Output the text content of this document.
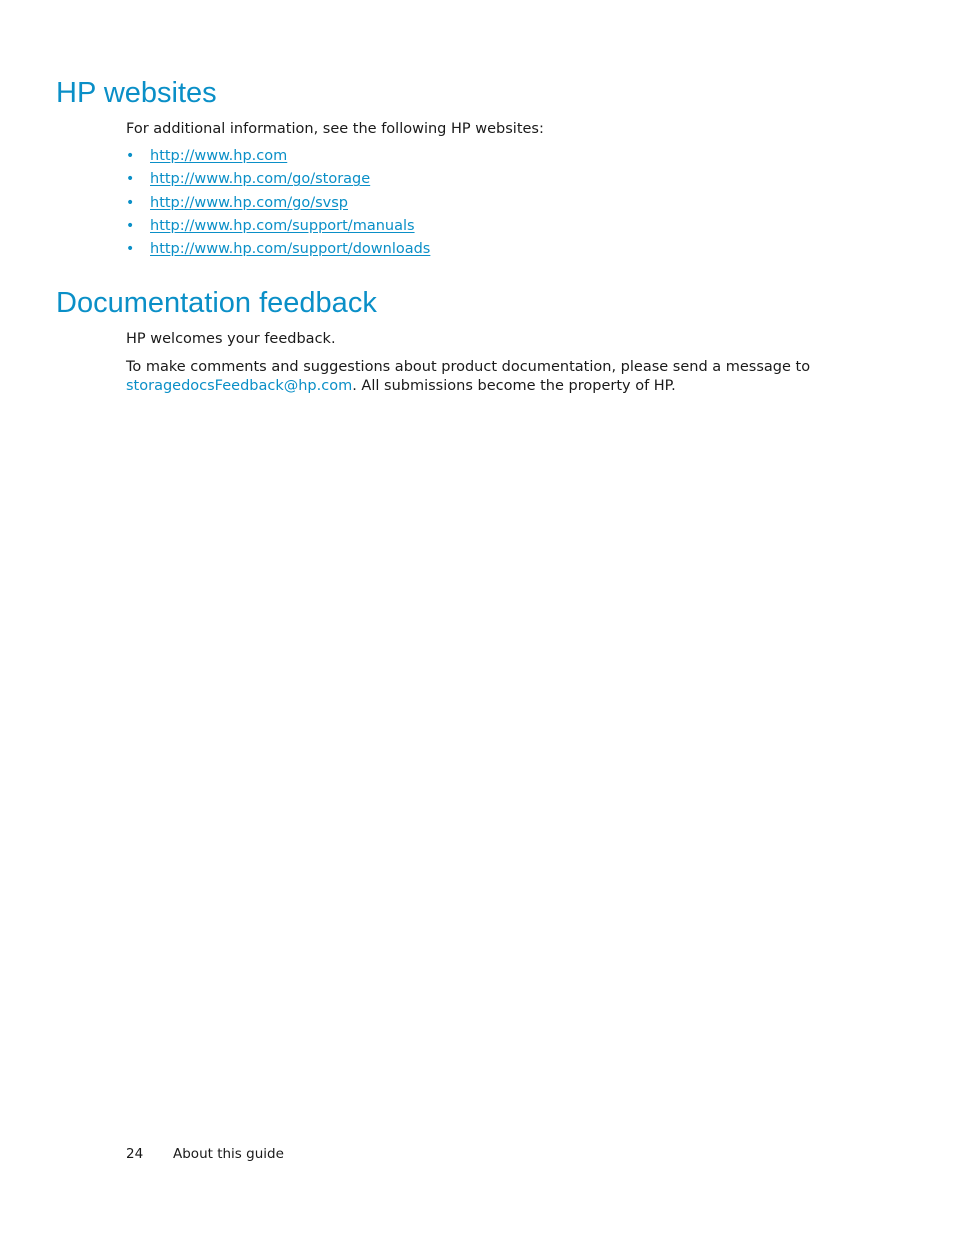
HP websites

For additional information, see the following HP websites:

• http://www.hp.com
• http://www.hp.com/go/storage
• http://www.hp.com/go/svsp
• http://www.hp.com/support/manuals
• http://www.hp.com/support/downloads
Documentation feedback

HP welcomes your feedback.

To make comments and suggestions about product documentation, please send a message to

storagedocsFeedback@hp.com. All submissions become the property of HP.

24 About this guide
